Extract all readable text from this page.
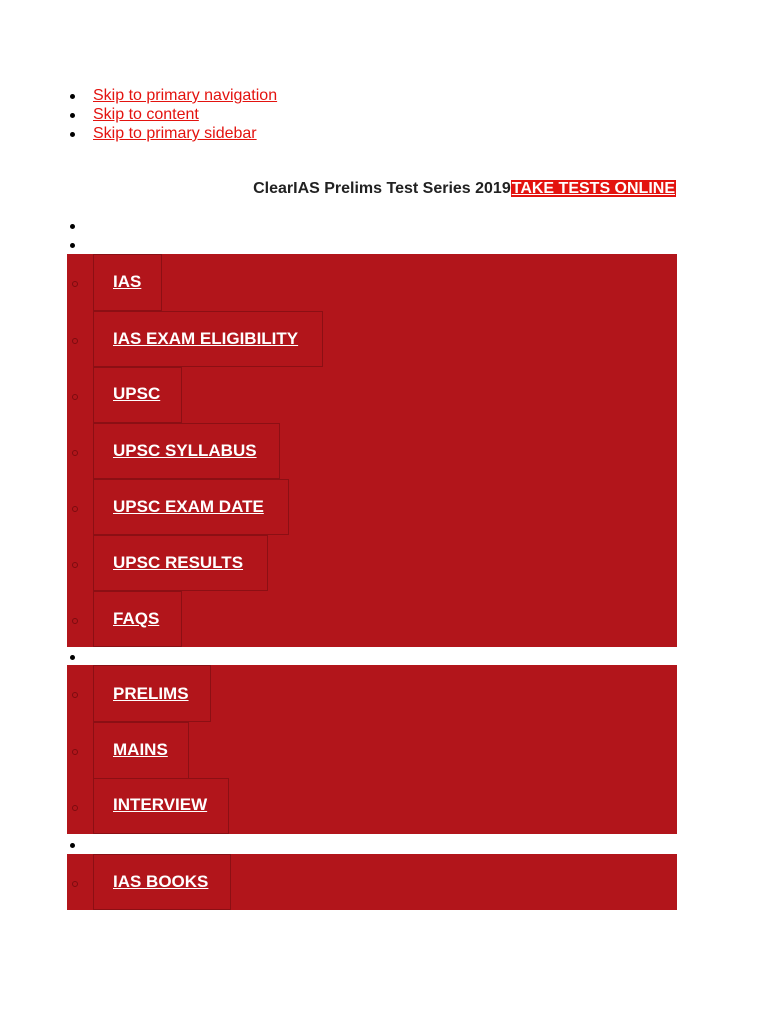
Skip to primary navigation
Skip to content
Skip to primary sidebar
ClearIAS Prelims Test Series 2019TAKE TESTS ONLINE
IAS
IAS EXAM ELIGIBILITY
UPSC
UPSC SYLLABUS
UPSC EXAM DATE
UPSC RESULTS
FAQS
PRELIMS
MAINS
INTERVIEW
IAS BOOKS
